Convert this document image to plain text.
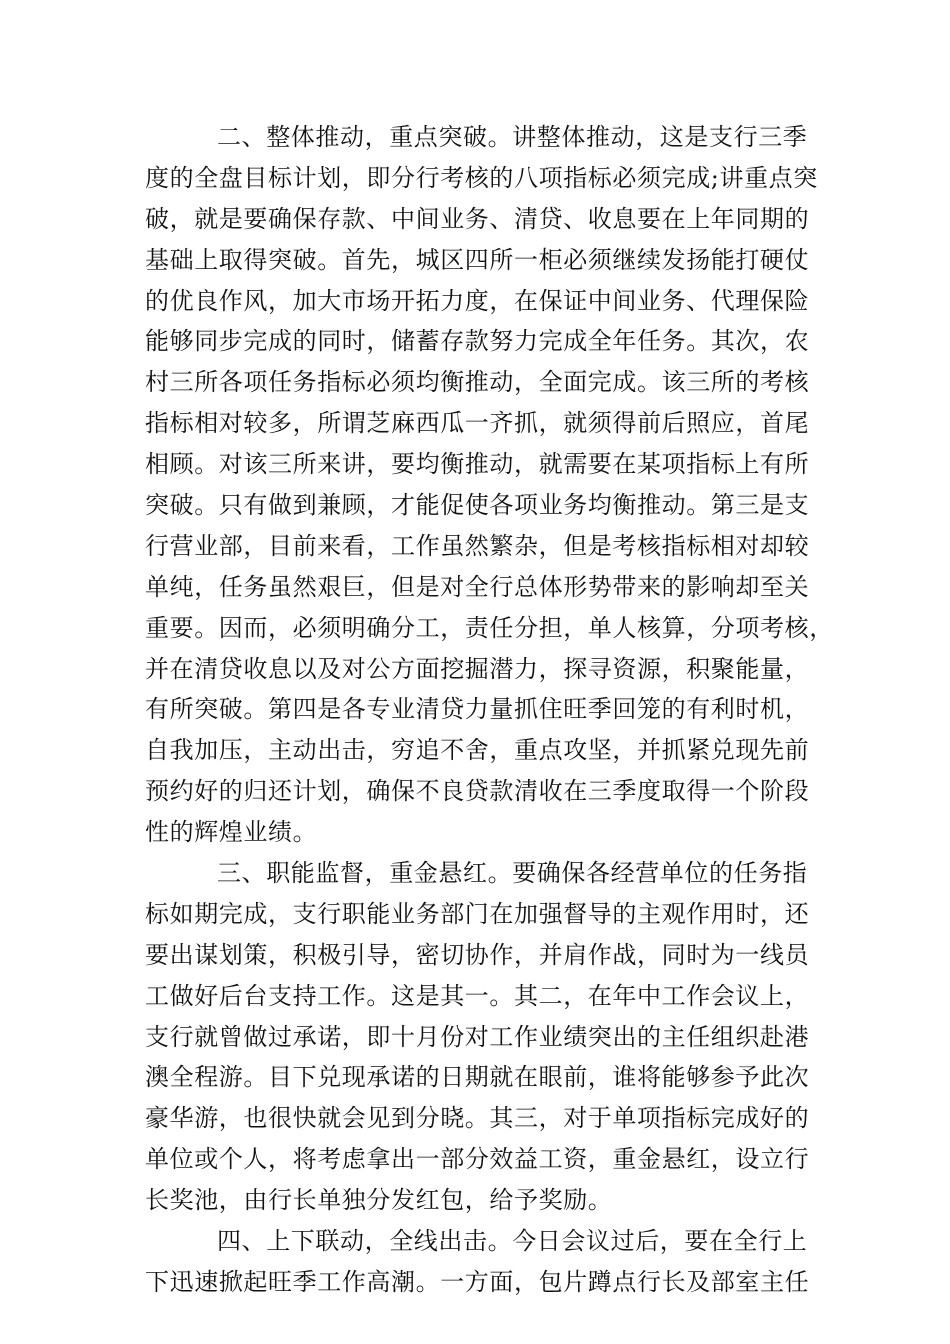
二、整体推动，重点突破。讲整体推动，这是支行三季
度的全盘目标计划，即分行考核的八项指标必须完成;讲重点突
破，就是要确保存款、中间业务、清贷、收息要在上年同期的
基础上取得突破。首先，城区四所一柜必须继续发扬能打硬仗
的优良作风，加大市场开拓力度，在保证中间业务、代理保险
能够同步完成的同时，储蓄存款努力完成全年任务。其次，农
村三所各项任务指标必须均衡推动，全面完成。该三所的考核
指标相对较多，所谓芝麻西瓜一齐抓，就须得前后照应，首尾
相顾。对该三所来讲，要均衡推动，就需要在某项指标上有所
突破。只有做到兼顾，才能促使各项业务均衡推动。第三是支
行营业部，目前来看，工作虽然繁杂，但是考核指标相对却较
单纯，任务虽然艰巨，但是对全行总体形势带来的影响却至关
重要。因而，必须明确分工，责任分担，单人核算，分项考核，
并在清贷收息以及对公方面挖掘潜力，探寻资源，积聚能量，
有所突破。第四是各专业清贷力量抓住旺季回笼的有利时机，
自我加压，主动出击，穷追不舍，重点攻坚，并抓紧兑现先前
预约好的归还计划，确保不良贷款清收在三季度取得一个阶段
性的辉煌业绩。
三、职能监督，重金悬红。要确保各经营单位的任务指
标如期完成，支行职能业务部门在加强督导的主观作用时，还
要出谋划策，积极引导，密切协作，并肩作战，同时为一线员
工做好后台支持工作。这是其一。其二，在年中工作会议上，
支行就曾做过承诺，即十月份对工作业绩突出的主任组织赴港
澳全程游。目下兑现承诺的日期就在眼前，谁将能够参予此次
豪华游，也很快就会见到分晓。其三，对于单项指标完成好的
单位或个人，将考虑拿出一部分效益工资，重金悬红，设立行
长奖池，由行长单独分发红包，给予奖励。
四、上下联动，全线出击。今日会议过后，要在全行上
下迅速掀起旺季工作高潮。一方面，包片蹲点行长及部室主任
